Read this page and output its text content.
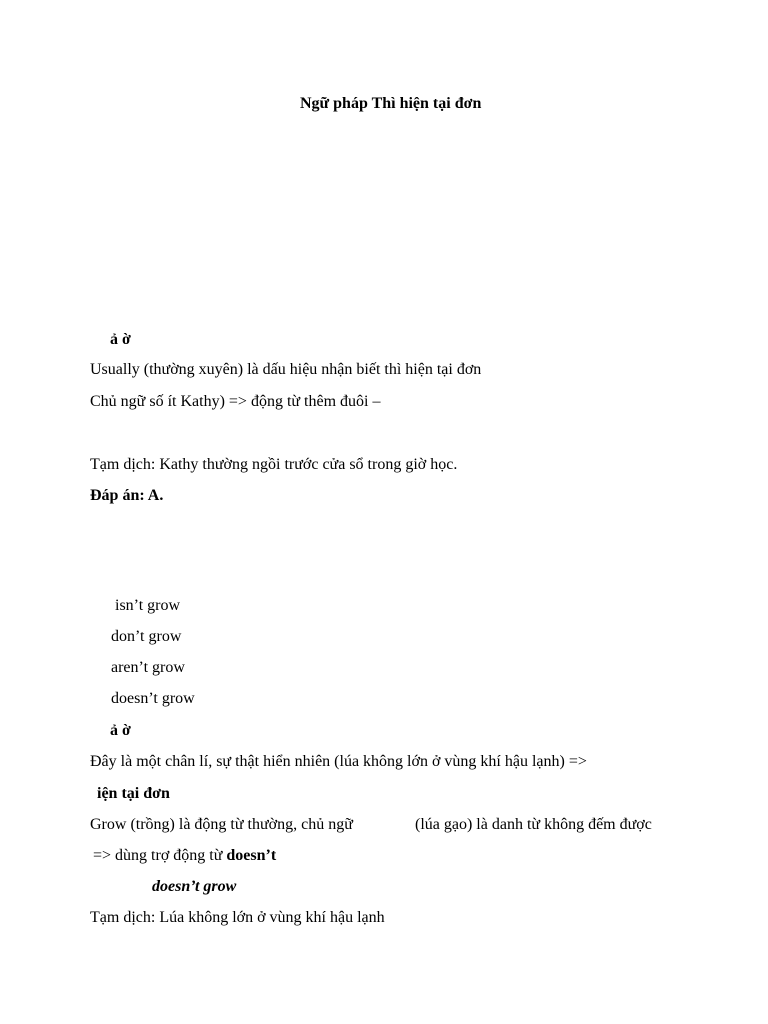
Ngữ pháp Thì hiện tại đơn
ả ờ
Usually (thường xuyên) là dấu hiệu nhận biết thì hiện tại đơn
Chủ ngữ số ít Kathy) => động từ thêm đuôi –
Tạm dịch: Kathy thường ngồi trước cửa sổ trong giờ học.
Đáp án: A.
isn’t grow
don’t grow
aren’t grow
doesn’t grow
ả ờ
Đây là một chân lí, sự thật hiển nhiên (lúa không lớn ở vùng khí hậu lạnh) =>
iện tại đơn
Grow (trồng) là động từ thường, chủ ngữ	(lúa gạo) là danh từ không đếm được
=> dùng trợ động từ doesn’t
doesn’t grow
Tạm dịch: Lúa không lớn ở vùng khí hậu lạnh
